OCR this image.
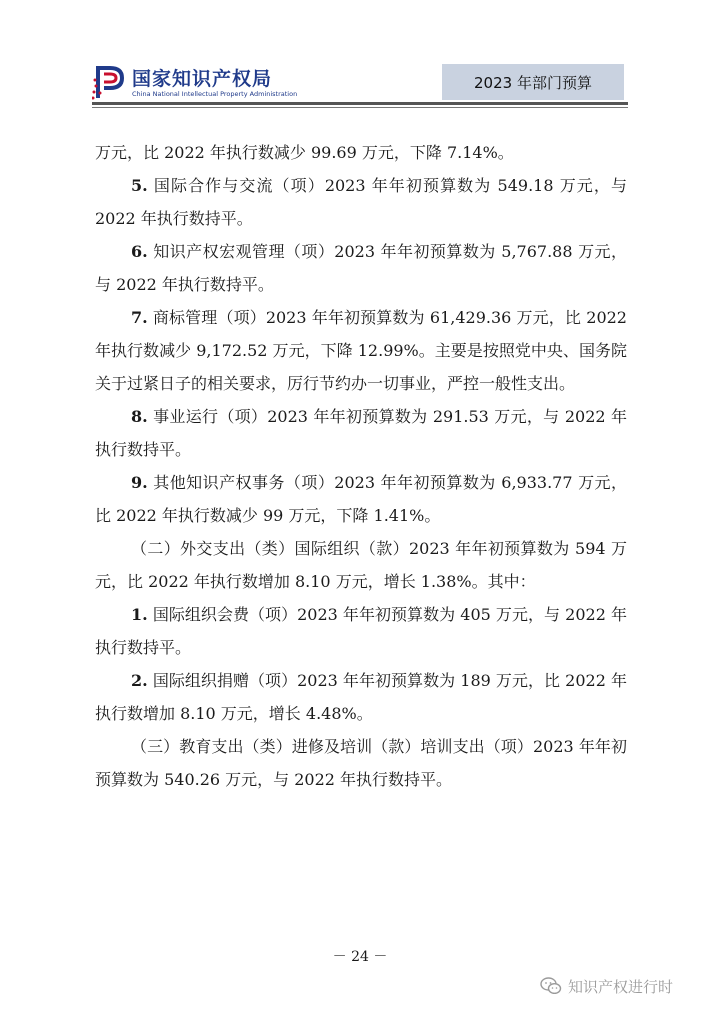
国家知识产权局
China National Intellectual Property Administration
2023 年部门预算

万元，比 2022 年执行数减少 99.69 万元，下降 7.14%。

5. 国际合作与交流（项）2023 年年初预算数为 549.18 万元，与 2022 年执行数持平。

6. 知识产权宏观管理（项）2023 年年初预算数为 5,767.88 万元，与 2022 年执行数持平。

7. 商标管理（项）2023 年年初预算数为 61,429.36 万元，比 2022 年执行数减少 9,172.52 万元，下降 12.99%。主要是按照党中央、国务院关于过紧日子的相关要求，厉行节约办一切事业，严控一般性支出。

8. 事业运行（项）2023 年年初预算数为 291.53 万元，与 2022 年执行数持平。

9. 其他知识产权事务（项）2023 年年初预算数为 6,933.77 万元，比 2022 年执行数减少 99 万元，下降 1.41%。

（二）外交支出（类）国际组织（款）2023 年年初预算数为 594 万元，比 2022 年执行数增加 8.10 万元，增长 1.38%。其中：

1. 国际组织会费（项）2023 年年初预算数为 405 万元，与 2022 年执行数持平。

2. 国际组织捐赠（项）2023 年年初预算数为 189 万元，比 2022 年执行数增加 8.10 万元，增长 4.48%。

（三）教育支出（类）进修及培训（款）培训支出（项）2023 年年初预算数为 540.26 万元，与 2022 年执行数持平。

－ 24 －
知识产权进行时
